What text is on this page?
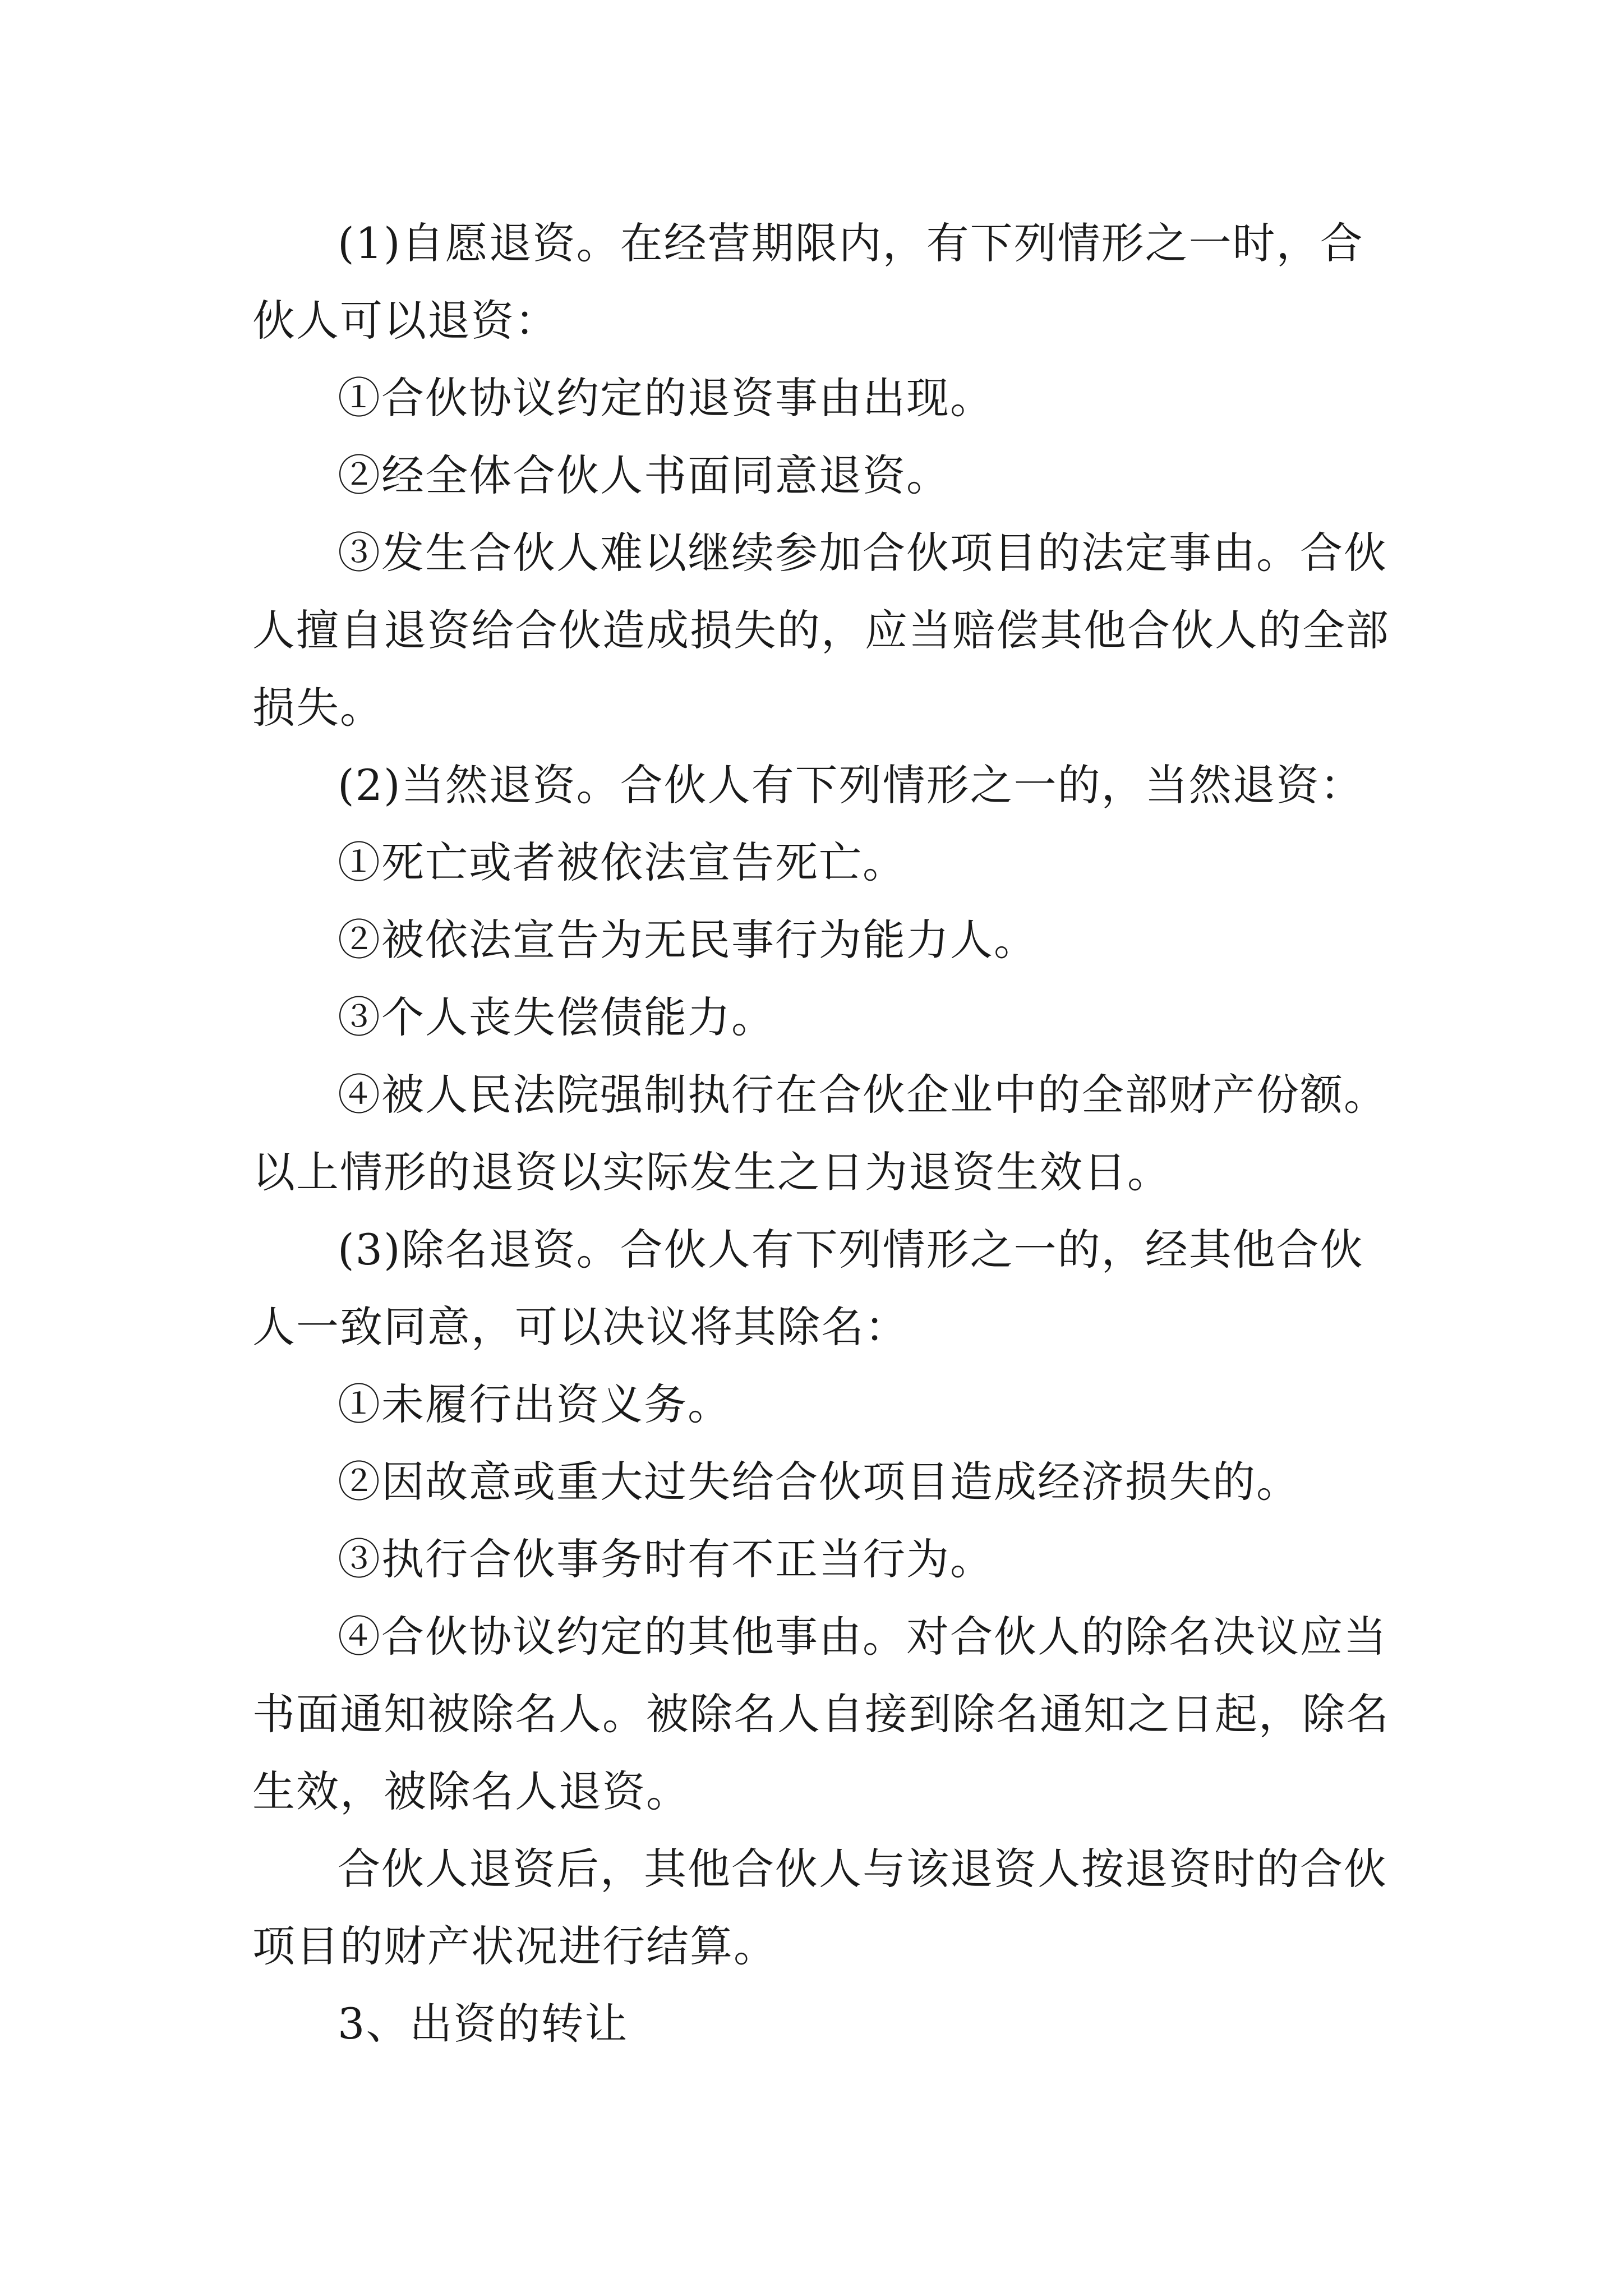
(1)自愿退资。在经营期限内，有下列情形之一时，合伙人可以退资：

①合伙协议约定的退资事由出现。

②经全体合伙人书面同意退资。

③发生合伙人难以继续参加合伙项目的法定事由。合伙人擅自退资给合伙造成损失的，应当赔偿其他合伙人的全部损失。

(2)当然退资。合伙人有下列情形之一的，当然退资：

①死亡或者被依法宣告死亡。

②被依法宣告为无民事行为能力人。

③个人丧失偿债能力。

④被人民法院强制执行在合伙企业中的全部财产份额。以上情形的退资以实际发生之日为退资生效日。

(3)除名退资。合伙人有下列情形之一的，经其他合伙人一致同意，可以决议将其除名：

①未履行出资义务。

②因故意或重大过失给合伙项目造成经济损失的。

③执行合伙事务时有不正当行为。

④合伙协议约定的其他事由。对合伙人的除名决议应当书面通知被除名人。被除名人自接到除名通知之日起，除名生效，被除名人退资。

合伙人退资后，其他合伙人与该退资人按退资时的合伙项目的财产状况进行结算。

3、出资的转让
